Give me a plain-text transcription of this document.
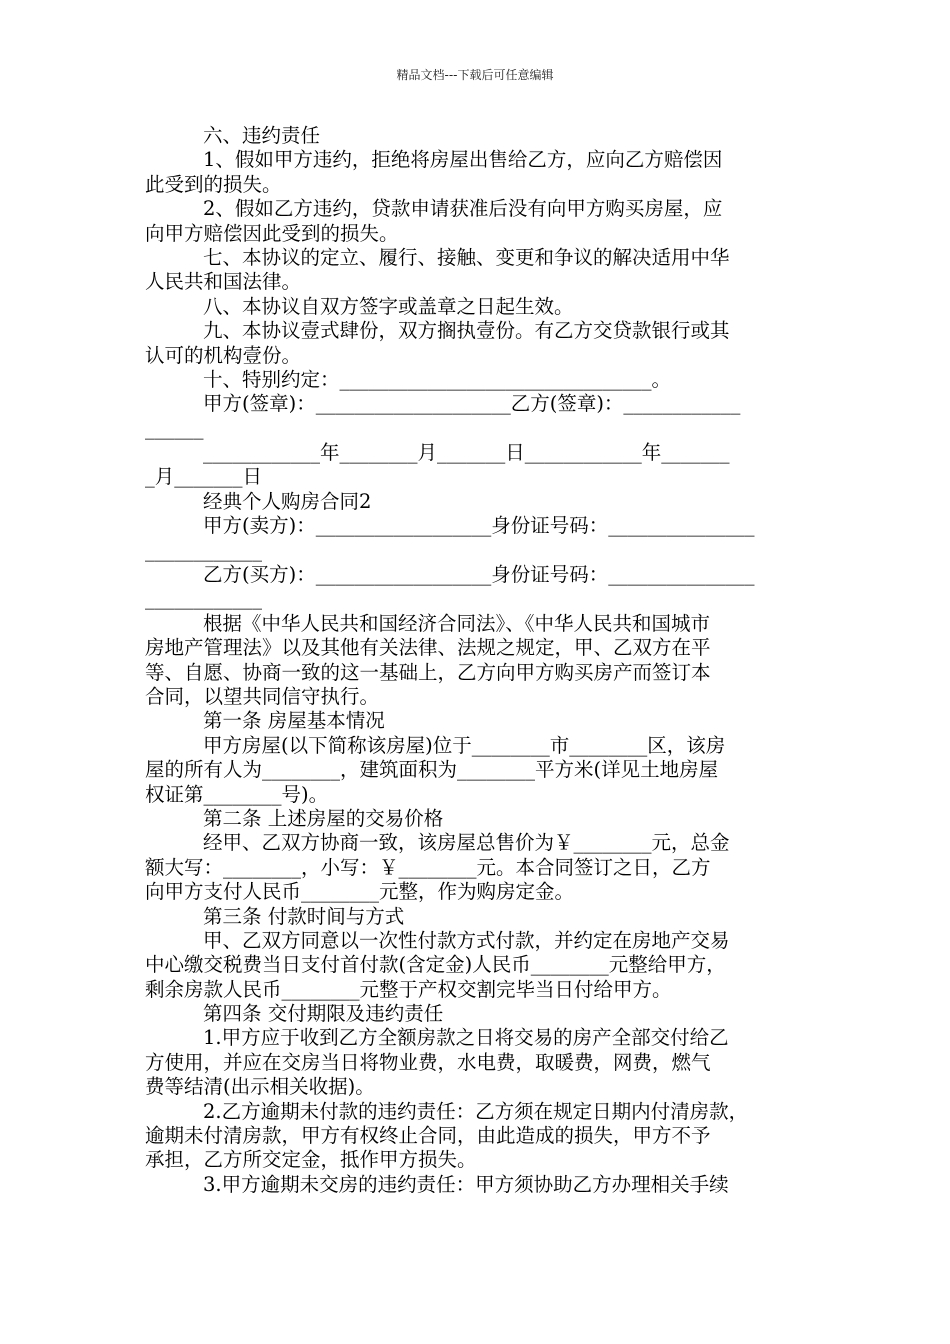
精品文档---下载后可任意编辑
六、违约责任
1、假如甲方违约，拒绝将房屋出售给乙方，应向乙方赔偿因
此受到的损失。
2、假如乙方违约，贷款申请获准后没有向甲方购买房屋，应
向甲方赔偿因此受到的损失。
七、本协议的定立、履行、接触、变更和争议的解决适用中华
人民共和国法律。
八、本协议自双方签字或盖章之日起生效。
九、本协议壹式肆份，双方搁执壹份。有乙方交贷款银行或其
认可的机构壹份。
十、特别约定：________________________________。
甲方(签章)：____________________乙方(签章)：____________
______
____________年________月_______日____________年_______
_月_______日
经典个人购房合同2
甲方(卖方)：__________________身份证号码：_______________
____________
乙方(买方)：__________________身份证号码：_______________
____________
根据《中华人民共和国经济合同法》、《中华人民共和国城市
房地产管理法》以及其他有关法律、法规之规定，甲、乙双方在平
等、自愿、协商一致的这一基础上，乙方向甲方购买房产而签订本
合同，以望共同信守执行。
第一条 房屋基本情况
甲方房屋(以下简称该房屋)位于________市________区，该房
屋的所有人为________，建筑面积为________平方米(详见土地房屋
权证第________号)。
第二条 上述房屋的交易价格
经甲、乙双方协商一致，该房屋总售价为￥________元，总金
额大写：________，小写：￥________元。本合同签订之日，乙方
向甲方支付人民币________元整，作为购房定金。
第三条 付款时间与方式
甲、乙双方同意以一次性付款方式付款，并约定在房地产交易
中心缴交税费当日支付首付款(含定金)人民币________元整给甲方，
剩余房款人民币________元整于产权交割完毕当日付给甲方。
第四条 交付期限及违约责任
1.甲方应于收到乙方全额房款之日将交易的房产全部交付给乙
方使用，并应在交房当日将物业费，水电费，取暖费，网费，燃气
费等结清(出示相关收据)。
2.乙方逾期未付款的违约责任：乙方须在规定日期内付清房款，
逾期未付清房款，甲方有权终止合同，由此造成的损失，甲方不予
承担，乙方所交定金，抵作甲方损失。
3.甲方逾期未交房的违约责任：甲方须协助乙方办理相关手续
